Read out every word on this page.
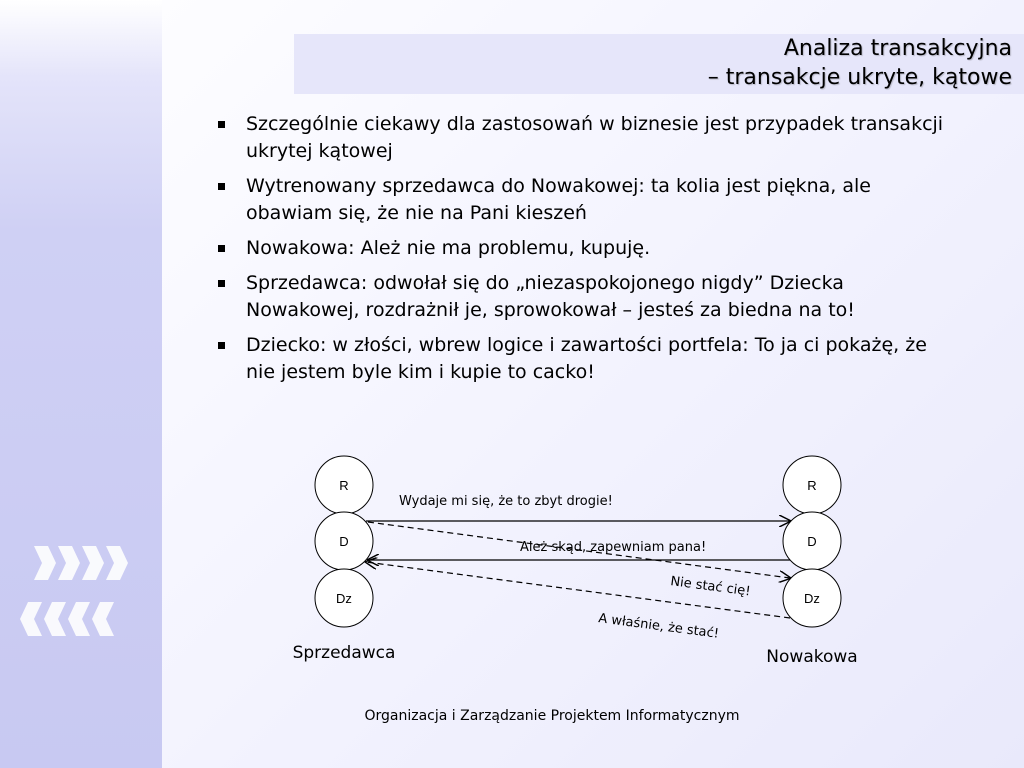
Analiza transakcyjna
– transakcje ukryte, kątowe
Szczególnie ciekawy dla zastosowań w biznesie jest przypadek transakcji ukrytej kątowej
Wytrenowany sprzedawca do Nowakowej: ta kolia jest piękna, ale obawiam się, że nie na Pani kieszeń
Nowakowa: Ależ nie ma problemu, kupuję.
Sprzedawca: odwołał się do „niezaspokojonego nigdy” Dziecka Nowakowej, rozdrażnił je, sprowokował – jesteś za biedna na to!
Dziecko: w złości, wbrew logice i zawartości portfela: To ja ci pokażę, że nie jestem byle kim i kupie to cacko!
R
D
Dz
R
D
Dz
Wydaje mi się, że to zbyt drogie!
Ależ skąd, zapewniam pana!
Nie stać cię!
A właśnie, że stać!
Sprzedawca	Nowakowa
Organizacja i Zarządzanie Projektem Informatycznym
